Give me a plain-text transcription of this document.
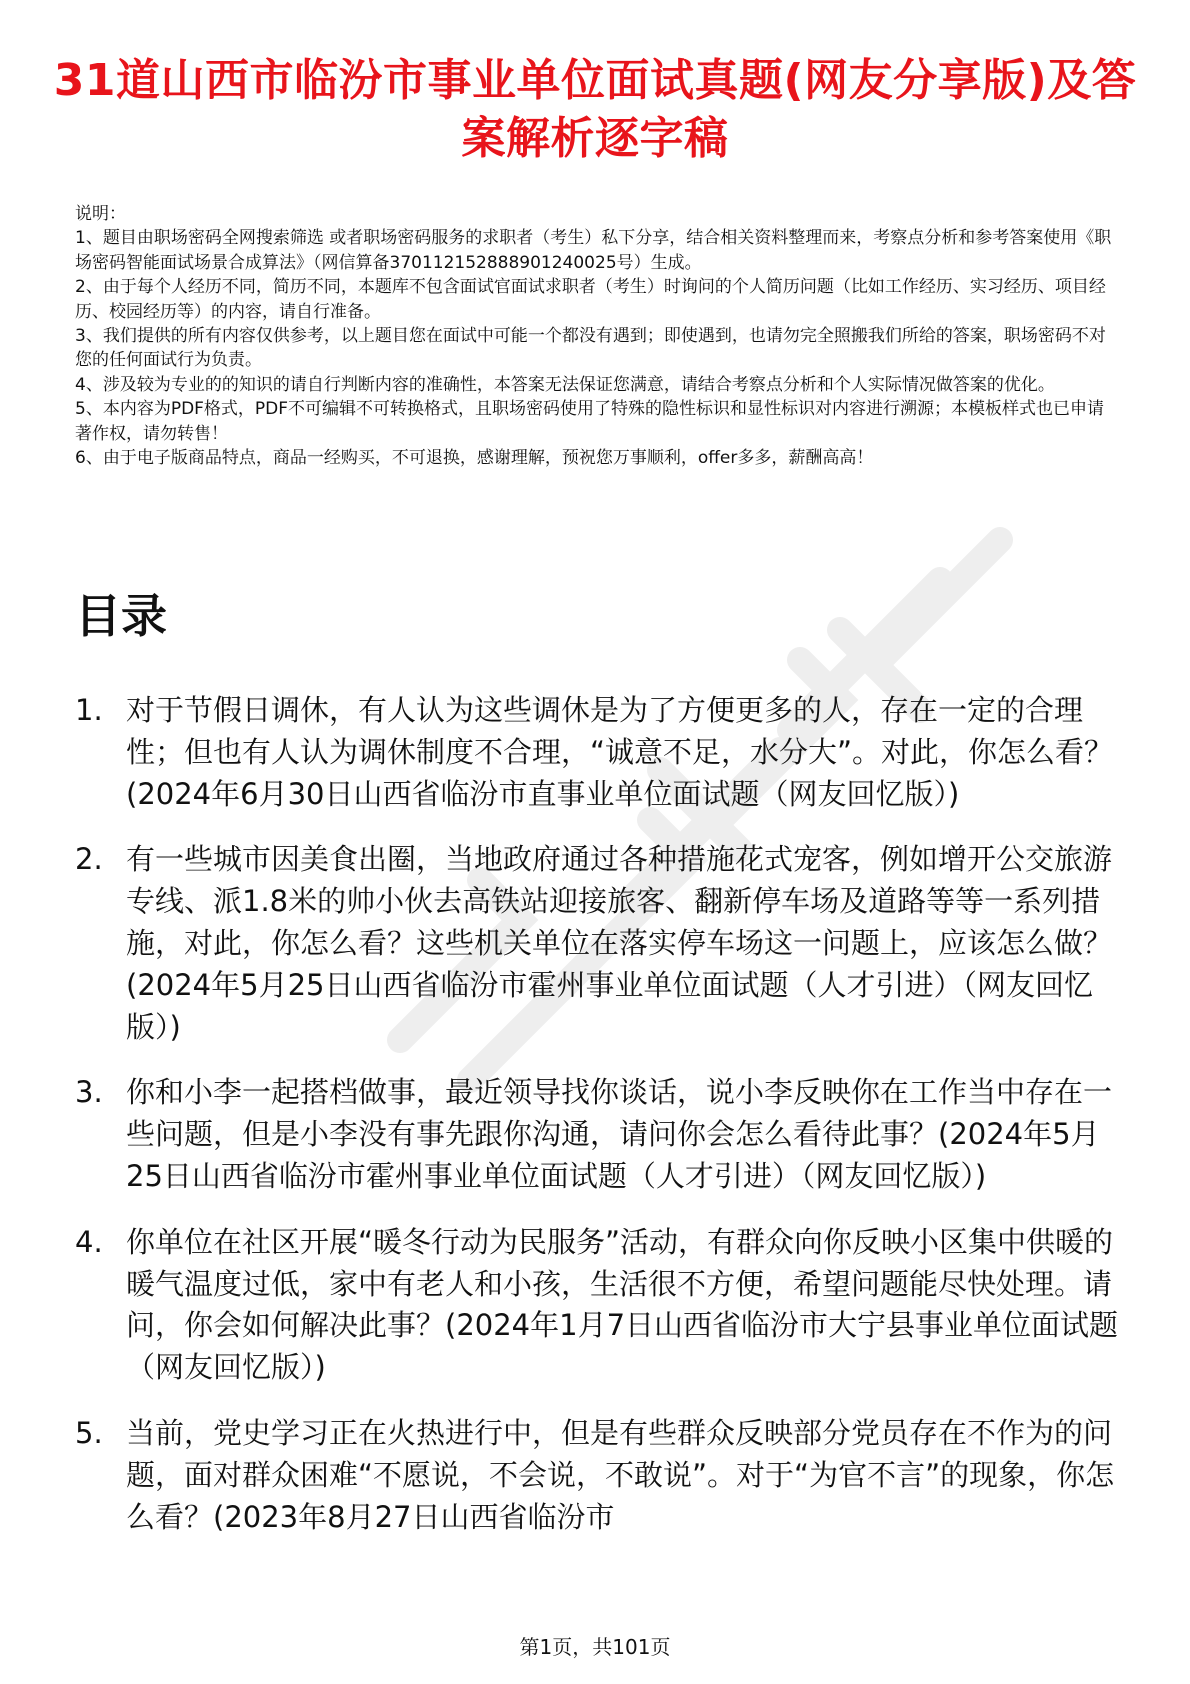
31道山西市临汾市事业单位面试真题(网友分享版)及答案解析逐字稿

说明：

1、题目由职场密码全网搜索筛选 或者职场密码服务的求职者（考生）私下分享，结合相关资料整理而来，考察点分析和参考答案使用《职场密码智能面试场景合成算法》（网信算备370112152888901240025号）生成。

2、由于每个人经历不同，简历不同，本题库不包含面试官面试求职者（考生）时询问的个人简历问题（比如工作经历、实习经历、项目经历、校园经历等）的内容，请自行准备。

3、我们提供的所有内容仅供参考，以上题目您在面试中可能一个都没有遇到；即使遇到，也请勿完全照搬我们所给的答案，职场密码不对您的任何面试行为负责。

4、涉及较为专业的的知识的请自行判断内容的准确性，本答案无法保证您满意，请结合考察点分析和个人实际情况做答案的优化。

5、本内容为PDF格式，PDF不可编辑不可转换格式，且职场密码使用了特殊的隐性标识和显性标识对内容进行溯源；本模板样式也已申请著作权，请勿转售！

6、由于电子版商品特点，商品一经购买，不可退换，感谢理解，预祝您万事顺利，offer多多，薪酬高高！

目录
1. 对于节假日调休，有人认为这些调休是为了方便更多的人，存在一定的合理性；但也有人认为调休制度不合理，“诚意不足，水分大”。对此，你怎么看？(2024年6月30日山西省临汾市直事业单位面试题（网友回忆版）)
2. 有一些城市因美食出圈，当地政府通过各种措施花式宠客，例如增开公交旅游专线、派1.8米的帅小伙去高铁站迎接旅客、翻新停车场及道路等等一系列措施，对此，你怎么看？这些机关单位在落实停车场这一问题上，应该怎么做？(2024年5月25日山西省临汾市霍州事业单位面试题（人才引进）（网友回忆版）)
3. 你和小李一起搭档做事，最近领导找你谈话，说小李反映你在工作当中存在一些问题，但是小李没有事先跟你沟通，请问你会怎么看待此事？(2024年5月25日山西省临汾市霍州事业单位面试题（人才引进）（网友回忆版）)
4. 你单位在社区开展“暖冬行动为民服务”活动，有群众向你反映小区集中供暖的暖气温度过低，家中有老人和小孩，生活很不方便，希望问题能尽快处理。请问，你会如何解决此事？(2024年1月7日山西省临汾市大宁县事业单位面试题（网友回忆版）)
5. 当前，党史学习正在火热进行中，但是有些群众反映部分党员存在不作为的问题，面对群众困难“不愿说，不会说，不敢说”。对于“为官不言”的现象，你怎么看？(2023年8月27日山西省临汾市
第1页，共101页
